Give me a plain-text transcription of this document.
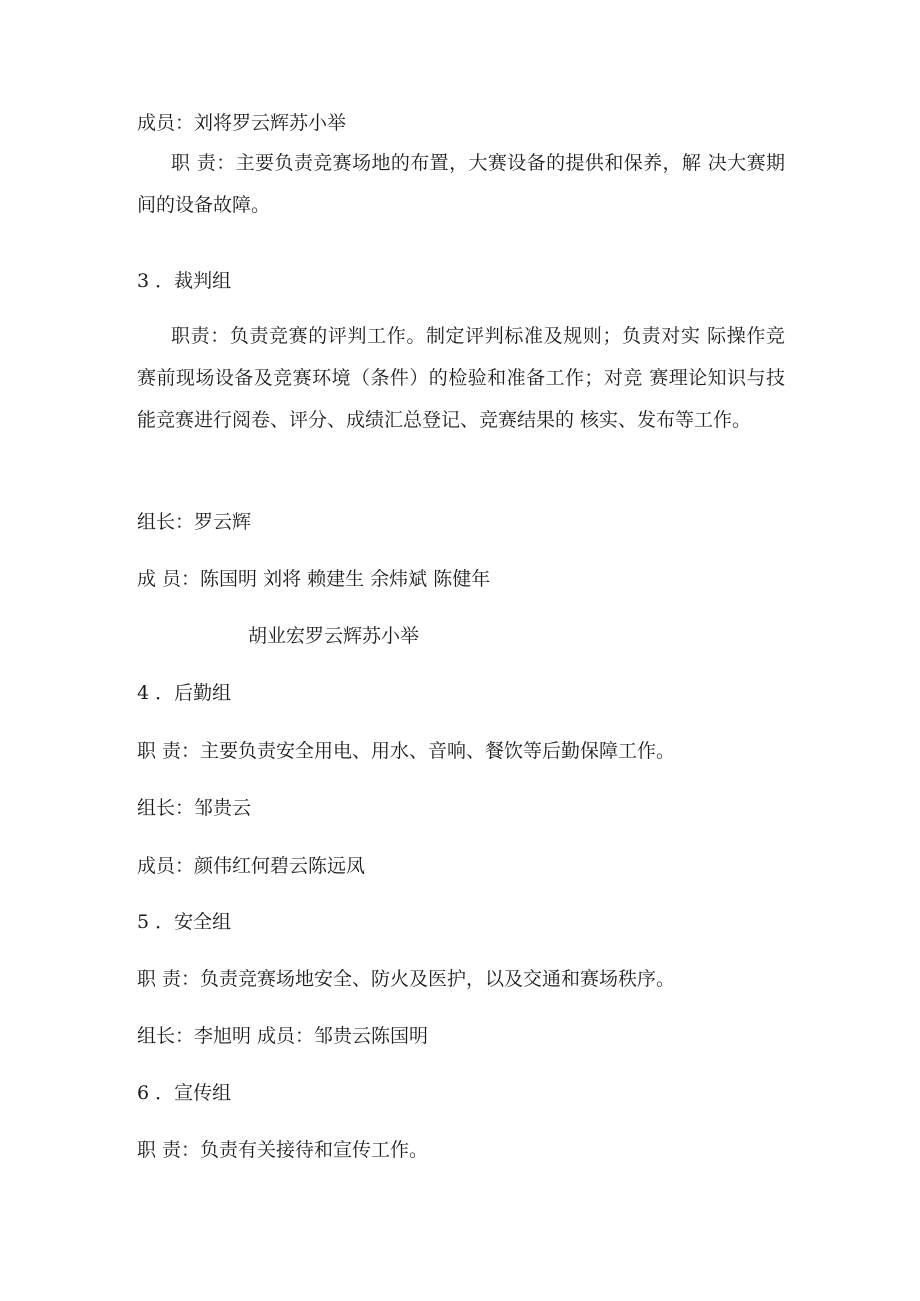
成员：刘将罗云辉苏小举
职 责：主要负责竞赛场地的布置，大赛设备的提供和保养，解 决大赛期间的设备故障。
3 ．裁判组
职责：负责竞赛的评判工作。制定评判标准及规则；负责对实 际操作竞赛前现场设备及竞赛环境（条件）的检验和准备工作；对竞 赛理论知识与技能竞赛进行阅卷、评分、成绩汇总登记、竞赛结果的 核实、发布等工作。
组长：罗云辉
成 员：陈国明 刘将 赖建生 余炜斌 陈健年
胡业宏罗云辉苏小举
4 ．后勤组
职 责：主要负责安全用电、用水、音响、餐饮等后勤保障工作。
组长：邹贵云
成员：颜伟红何碧云陈远凤
5 ．安全组
职 责：负责竞赛场地安全、防火及医护，以及交通和赛场秩序。
组长：李旭明 成员：邹贵云陈国明
6 ．宣传组
职 责：负责有关接待和宣传工作。
